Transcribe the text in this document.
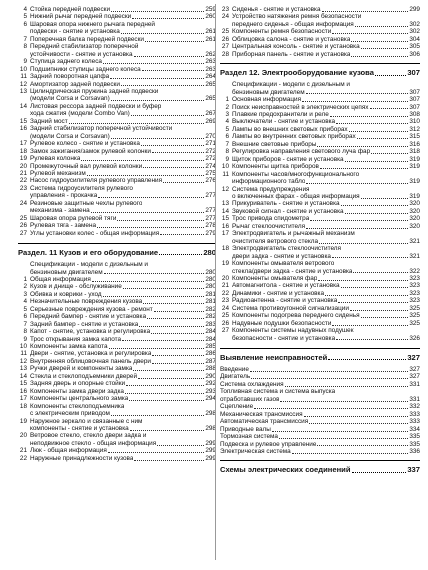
4 Стойка передней подвески	259
5 Нижний рычаг передней подвески	260
6 Шаровая опора нижнего рычага передней
подвески - снятие и установка	261
7 Поперечная балка передней подвески	261
8 Передний стабилизатор поперечной
устойчивости - снятие и установка	262
9 Ступица заднего колеса	263
10 Подшипники ступицы заднего колеса	263
11 Задний поворотная цапфа	264
12 Амортизатор задней подвески	265
13 Цилиндрическая пружина задней подвески
(модели Corsa и Corsavan)	265
14 Листовая рессора задней подвески и буфер
хода сжатия (модели Combo Van)	267
15 Задний мост	269
16 Задний стабилизатор поперечной устойчивости
(модели Corsa и Corsavan)	270
17 Рулевое колесо - снятие и установка	271
18 Замок зажигания/замок рулевой колонки	272
19 Рулевая колонка	272
20 Промежуточный вал рулевой колонки	274
21 Рулевой механизм	275
22 Насос гидроусилителя рулевого управления	276
23 Система гидроусилителя рулевого
управления - прокачка	277
24 Резиновые защитные чехлы рулевого
механизма - замена	277
25 Шаровая опора рулевой тяги	277
26 Рулевая тяга - замена	278
27 Углы установки колес - общая информация	279
Раздел. 11 Кузов и его оборудование	280
Спецификации - модели с дизельным и
бензиновым двигателем	280
1 Общая информация	280
2 Кузов и днище - обслуживание	280
3 Обивка и коврики - уход	281
4 Незначительные повреждения кузова	281
5 Серьезные повреждения кузова - ремонт	282
6 Передний бампер - снятие и установка	282
7 Задний бампер - снятие и установка	283
8 Капот - снятие, установка и регулировка	284
9 Трос открывания замка капота	284
10 Компоненты замка капота	285
11 Двери - снятие, установка и регулировка	286
12 Внутренняя облицовочная панель двери	287
13 Ручки дверей и компоненты замка	288
14 Стекла и стеклоподъемники дверей	290
15 Задняя дверь и опорные стойки	292
16 Компоненты замка двери задка	293
17 Компоненты центрального замка	294
18 Компоненты стеклоподъемника
с электрическим приводом	298
19 Наружное зеркало и связанные с ним
компоненты - снятие и установка	298
20 Ветровое стекло, стекло двери задка и
неподвижное стекло - общая информация	299
21 Люк - общая информация	299
22 Наружные принадлежности кузова	299
23 Сиденья - снятие и установка	299
24 Устройство натяжения ремня безопасности
переднего сиденья - общая информация	302
25 Компоненты ремня безопасности	302
26 Облицовка салона - снятие и установка	304
27 Центральная консоль - снятие и установка	305
28 Приборная панель - снятие и установка	306
Раздел 12. Электрооборудование кузова	307
Спецификации - модели с дизельным и
бензиновым двигателем	307
1 Основная информация	307
2 Поиск неисправностей в электрических цепях	307
3 Плавкие предохранители и реле	308
4 Выключатели - снятие и установка	310
5 Лампы во внешних световых приборах	312
6 Лампы во внутренних световых приборах	315
7 Внешние световые приборы	316
8 Регулировка направления светового луча фар	318
9 Щиток приборов - снятие и установка	319
10 Компоненты щитка приборов	319
11 Компоненты часов/многофункционального
информационного табло	319
12 Система предупреждения
о включенных фарах - общая информация	319
13 Прикуриватель - снятие и установка	320
14 Звуковой сигнал - снятие и установка	320
15 Трос привода спидометра	320
16 Рычаг стеклоочистителя	320
17 Электродвигатель и рычажный механизм
очистителя ветрового стекла	321
18 Электродвигатель стеклоочистителя
двери задка - снятие и установка	321
19 Компоненты омывателя ветрового
стекла/двери задка - снятие и установка	322
20 Компоненты омывателя фар	323
21 Автомагнитола - снятие и установка	323
22 Динамики - снятие и установка	323
23 Радиоантенна - снятие и установка	323
24 Система противоугонной сигнализации	325
25 Компоненты подогрева переднего сиденья	325
26 Надувные подушки безопасности	325
27 Компоненты системы надувных подушек
безопасности - снятие и установка	326
Выявление неисправностей	327
Введение	327
Двигатель	327
Система охлаждения	331
Топливная система и система выпуска
отработавших газов	331
Сцепление	332
Механическая трансмиссия	333
Автоматическая трансмиссия	333
Приводные валы	334
Тормозная система	335
Подвеска и рулевое управление	335
Электрическая система	336
Схемы электрических соединений	337
